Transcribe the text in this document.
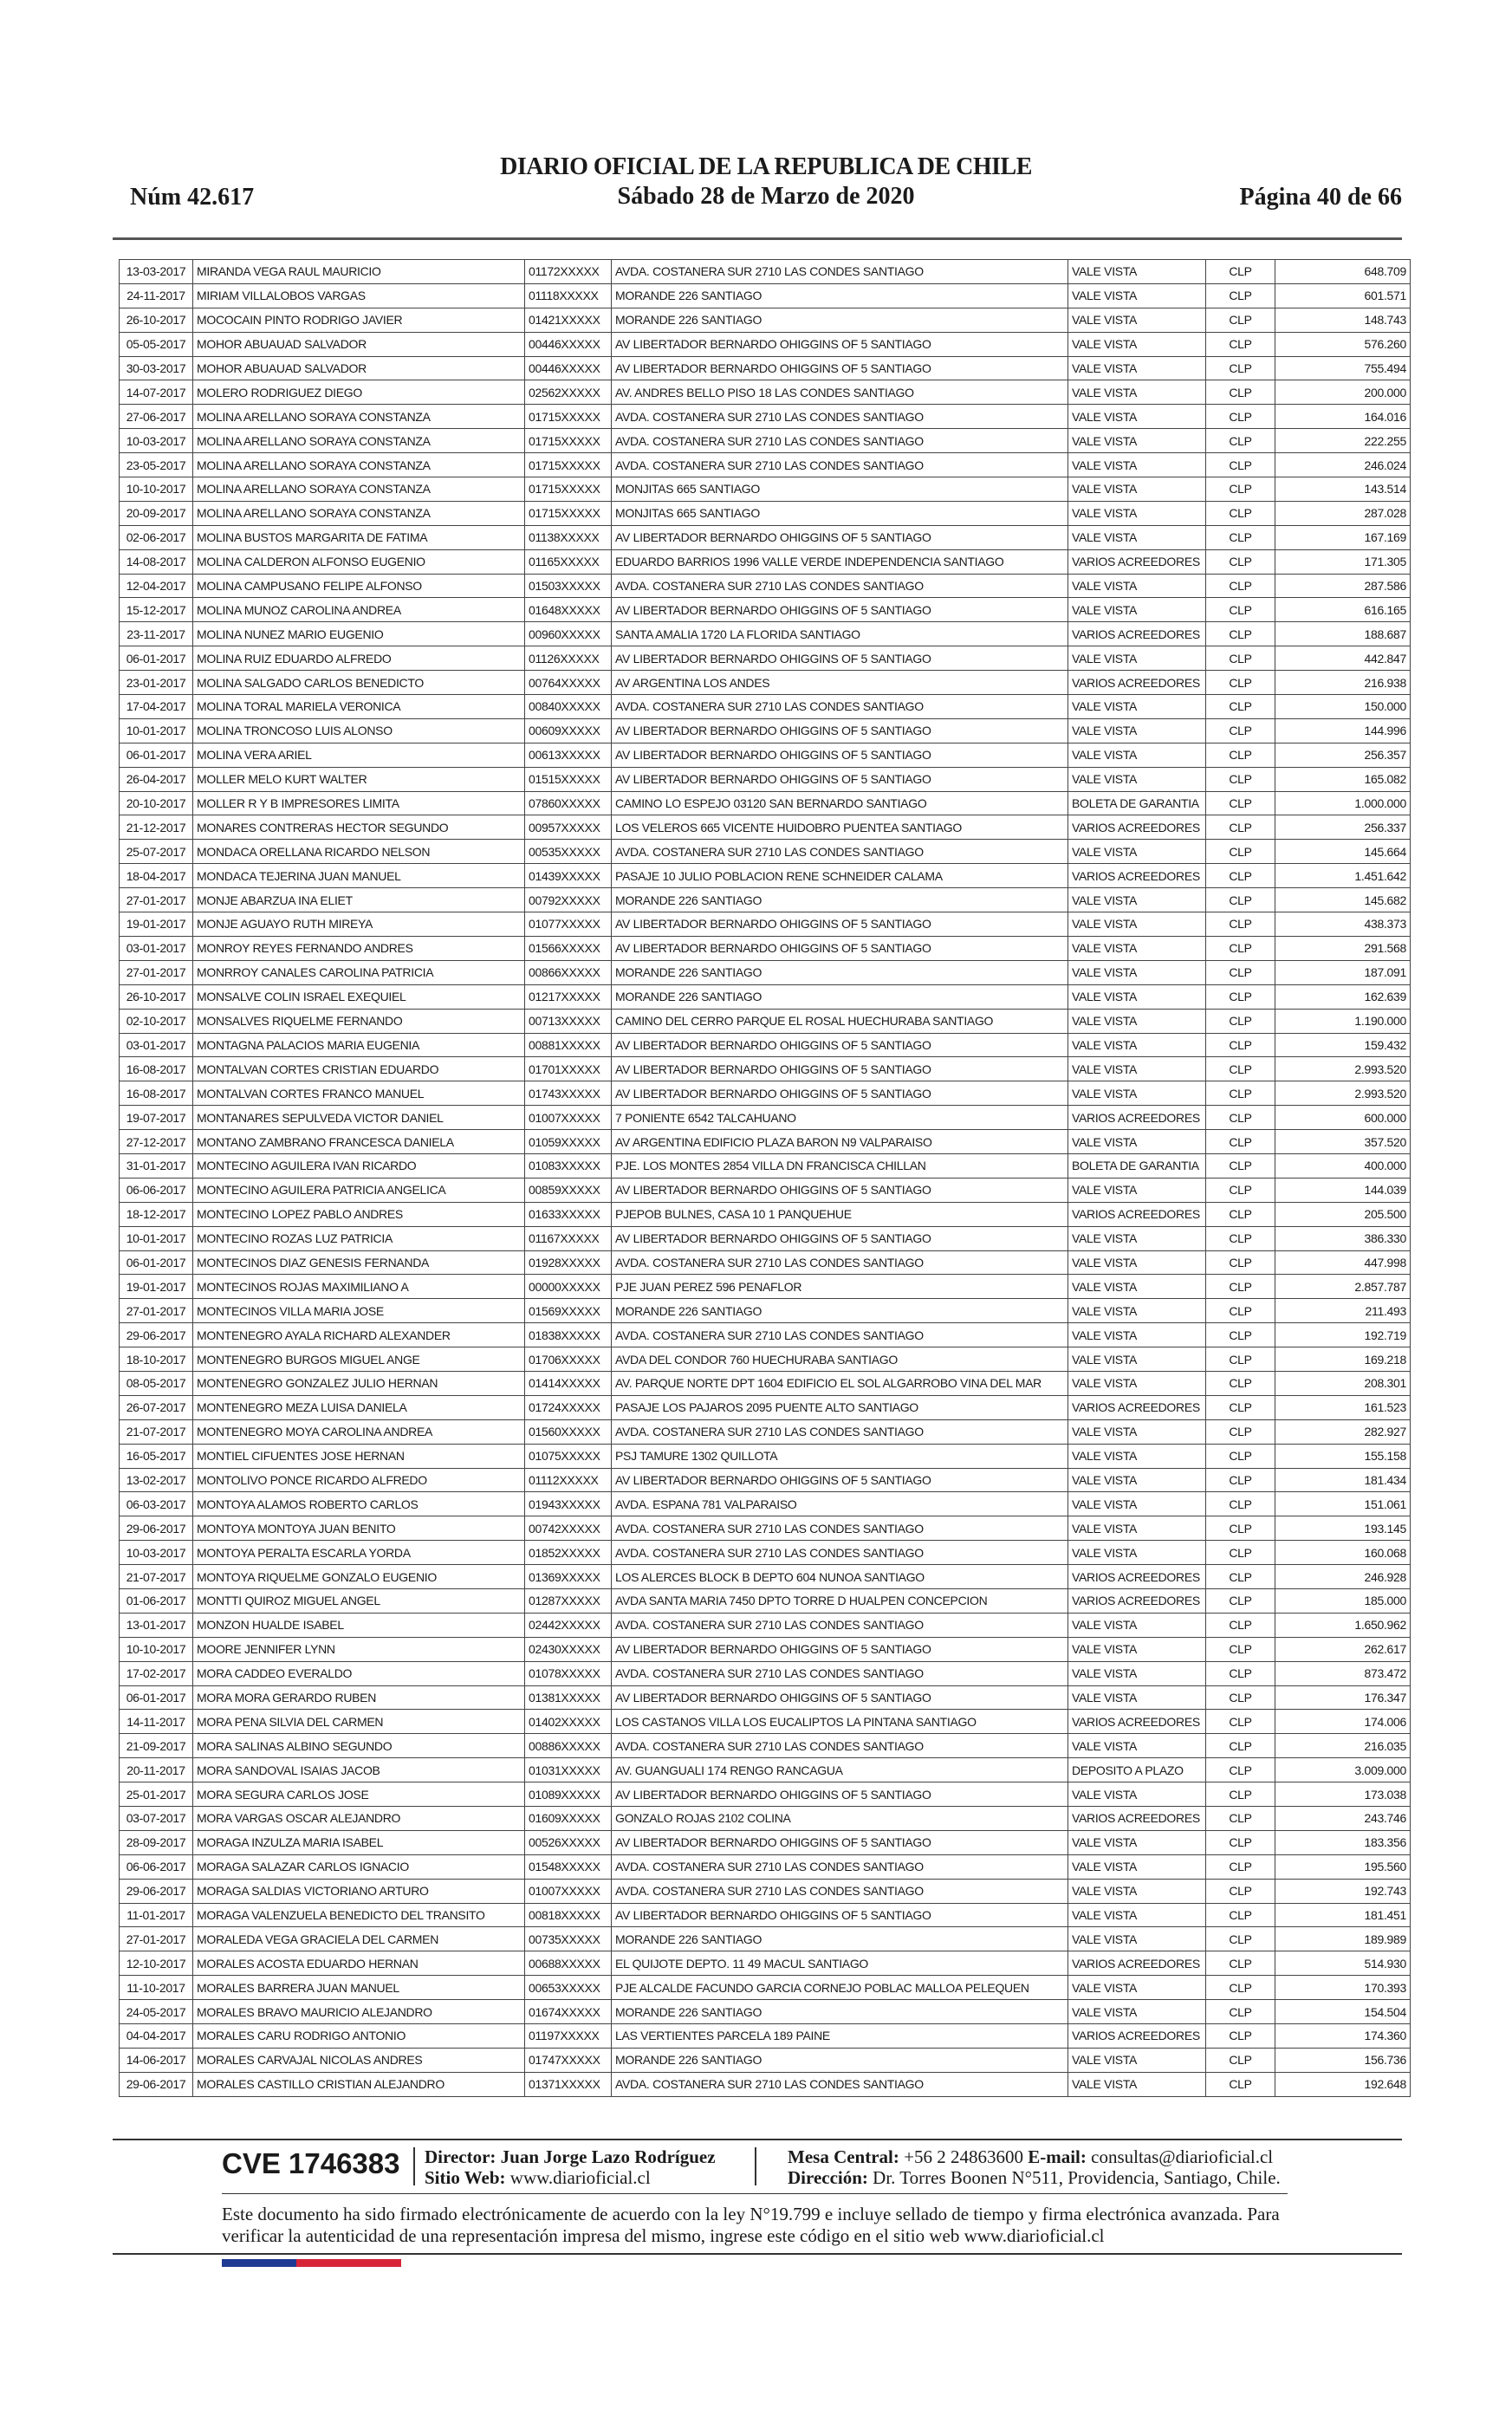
Núm 42.617
DIARIO OFICIAL DE LA REPUBLICA DE CHILE
Sábado 28 de Marzo de 2020	Página 40 de 66
13-03-2017	MIRANDA VEGA RAUL MAURICIO	01172XXXXX	AVDA. COSTANERA SUR 2710 LAS CONDES SANTIAGO	VALE VISTA	CLP	648.709
24-11-2017	MIRIAM VILLALOBOS VARGAS	01118XXXXX	MORANDE 226 SANTIAGO	VALE VISTA	CLP	601.571
26-10-2017	MOCOCAIN PINTO RODRIGO JAVIER	01421XXXXX	MORANDE 226 SANTIAGO	VALE VISTA	CLP	148.743
05-05-2017	MOHOR ABUAUAD SALVADOR	00446XXXXX	AV LIBERTADOR BERNARDO OHIGGINS OF 5 SANTIAGO	VALE VISTA	CLP	576.260
30-03-2017	MOHOR ABUAUAD SALVADOR	00446XXXXX	AV LIBERTADOR BERNARDO OHIGGINS OF 5 SANTIAGO	VALE VISTA	CLP	755.494
14-07-2017	MOLERO RODRIGUEZ DIEGO	02562XXXXX	AV. ANDRES BELLO PISO 18 LAS CONDES SANTIAGO	VALE VISTA	CLP	200.000
27-06-2017	MOLINA ARELLANO SORAYA CONSTANZA	01715XXXXX	AVDA. COSTANERA SUR 2710 LAS CONDES SANTIAGO	VALE VISTA	CLP	164.016
10-03-2017	MOLINA ARELLANO SORAYA CONSTANZA	01715XXXXX	AVDA. COSTANERA SUR 2710 LAS CONDES SANTIAGO	VALE VISTA	CLP	222.255
23-05-2017	MOLINA ARELLANO SORAYA CONSTANZA	01715XXXXX	AVDA. COSTANERA SUR 2710 LAS CONDES SANTIAGO	VALE VISTA	CLP	246.024
10-10-2017	MOLINA ARELLANO SORAYA CONSTANZA	01715XXXXX	MONJITAS 665 SANTIAGO	VALE VISTA	CLP	143.514
20-09-2017	MOLINA ARELLANO SORAYA CONSTANZA	01715XXXXX	MONJITAS 665 SANTIAGO	VALE VISTA	CLP	287.028
02-06-2017	MOLINA BUSTOS MARGARITA DE FATIMA	01138XXXXX	AV LIBERTADOR BERNARDO OHIGGINS OF 5 SANTIAGO	VALE VISTA	CLP	167.169
14-08-2017	MOLINA CALDERON ALFONSO EUGENIO	01165XXXXX	EDUARDO BARRIOS 1996 VALLE VERDE INDEPENDENCIA SANTIAGO	VARIOS ACREEDORES	CLP	171.305
12-04-2017	MOLINA CAMPUSANO FELIPE ALFONSO	01503XXXXX	AVDA. COSTANERA SUR 2710 LAS CONDES SANTIAGO	VALE VISTA	CLP	287.586
15-12-2017	MOLINA MUNOZ CAROLINA ANDREA	01648XXXXX	AV LIBERTADOR BERNARDO OHIGGINS OF 5 SANTIAGO	VALE VISTA	CLP	616.165
23-11-2017	MOLINA NUNEZ MARIO EUGENIO	00960XXXXX	SANTA AMALIA 1720 LA FLORIDA SANTIAGO	VARIOS ACREEDORES	CLP	188.687
06-01-2017	MOLINA RUIZ EDUARDO ALFREDO	01126XXXXX	AV LIBERTADOR BERNARDO OHIGGINS OF 5 SANTIAGO	VALE VISTA	CLP	442.847
23-01-2017	MOLINA SALGADO CARLOS BENEDICTO	00764XXXXX	AV ARGENTINA LOS ANDES	VARIOS ACREEDORES	CLP	216.938
17-04-2017	MOLINA TORAL MARIELA VERONICA	00840XXXXX	AVDA. COSTANERA SUR 2710 LAS CONDES SANTIAGO	VALE VISTA	CLP	150.000
10-01-2017	MOLINA TRONCOSO LUIS ALONSO	00609XXXXX	AV LIBERTADOR BERNARDO OHIGGINS OF 5 SANTIAGO	VALE VISTA	CLP	144.996
06-01-2017	MOLINA VERA ARIEL	00613XXXXX	AV LIBERTADOR BERNARDO OHIGGINS OF 5 SANTIAGO	VALE VISTA	CLP	256.357
26-04-2017	MOLLER MELO KURT WALTER	01515XXXXX	AV LIBERTADOR BERNARDO OHIGGINS OF 5 SANTIAGO	VALE VISTA	CLP	165.082
20-10-2017	MOLLER R Y B IMPRESORES LIMITA	07860XXXXX	CAMINO LO ESPEJO 03120 SAN BERNARDO SANTIAGO	BOLETA DE GARANTIA	CLP	1.000.000
21-12-2017	MONARES CONTRERAS HECTOR SEGUNDO	00957XXXXX	LOS VELEROS 665 VICENTE HUIDOBRO PUENTEA SANTIAGO	VARIOS ACREEDORES	CLP	256.337
25-07-2017	MONDACA ORELLANA RICARDO NELSON	00535XXXXX	AVDA. COSTANERA SUR 2710 LAS CONDES SANTIAGO	VALE VISTA	CLP	145.664
18-04-2017	MONDACA TEJERINA JUAN MANUEL	01439XXXXX	PASAJE 10 JULIO POBLACION RENE SCHNEIDER CALAMA	VARIOS ACREEDORES	CLP	1.451.642
27-01-2017	MONJE ABARZUA INA ELIET	00792XXXXX	MORANDE 226 SANTIAGO	VALE VISTA	CLP	145.682
19-01-2017	MONJE AGUAYO RUTH MIREYA	01077XXXXX	AV LIBERTADOR BERNARDO OHIGGINS OF 5 SANTIAGO	VALE VISTA	CLP	438.373
03-01-2017	MONROY REYES FERNANDO ANDRES	01566XXXXX	AV LIBERTADOR BERNARDO OHIGGINS OF 5 SANTIAGO	VALE VISTA	CLP	291.568
27-01-2017	MONRROY CANALES CAROLINA PATRICIA	00866XXXXX	MORANDE 226 SANTIAGO	VALE VISTA	CLP	187.091
26-10-2017	MONSALVE COLIN ISRAEL EXEQUIEL	01217XXXXX	MORANDE 226 SANTIAGO	VALE VISTA	CLP	162.639
02-10-2017	MONSALVES RIQUELME FERNANDO	00713XXXXX	CAMINO DEL CERRO PARQUE EL ROSAL HUECHURABA SANTIAGO	VALE VISTA	CLP	1.190.000
03-01-2017	MONTAGNA PALACIOS MARIA EUGENIA	00881XXXXX	AV LIBERTADOR BERNARDO OHIGGINS OF 5 SANTIAGO	VALE VISTA	CLP	159.432
16-08-2017	MONTALVAN CORTES CRISTIAN EDUARDO	01701XXXXX	AV LIBERTADOR BERNARDO OHIGGINS OF 5 SANTIAGO	VALE VISTA	CLP	2.993.520
16-08-2017	MONTALVAN CORTES FRANCO MANUEL	01743XXXXX	AV LIBERTADOR BERNARDO OHIGGINS OF 5 SANTIAGO	VALE VISTA	CLP	2.993.520
19-07-2017	MONTANARES SEPULVEDA VICTOR DANIEL	01007XXXXX	7 PONIENTE 6542 TALCAHUANO	VARIOS ACREEDORES	CLP	600.000
27-12-2017	MONTANO ZAMBRANO FRANCESCA DANIELA	01059XXXXX	AV ARGENTINA EDIFICIO PLAZA BARON N9 VALPARAISO	VALE VISTA	CLP	357.520
31-01-2017	MONTECINO AGUILERA IVAN RICARDO	01083XXXXX	PJE. LOS MONTES 2854 VILLA DN FRANCISCA CHILLAN	BOLETA DE GARANTIA	CLP	400.000
06-06-2017	MONTECINO AGUILERA PATRICIA ANGELICA	00859XXXXX	AV LIBERTADOR BERNARDO OHIGGINS OF 5 SANTIAGO	VALE VISTA	CLP	144.039
18-12-2017	MONTECINO LOPEZ PABLO ANDRES	01633XXXXX	PJEPOB BULNES, CASA 10 1 PANQUEHUE	VARIOS ACREEDORES	CLP	205.500
10-01-2017	MONTECINO ROZAS LUZ PATRICIA	01167XXXXX	AV LIBERTADOR BERNARDO OHIGGINS OF 5 SANTIAGO	VALE VISTA	CLP	386.330
06-01-2017	MONTECINOS DIAZ GENESIS FERNANDA	01928XXXXX	AVDA. COSTANERA SUR 2710 LAS CONDES SANTIAGO	VALE VISTA	CLP	447.998
19-01-2017	MONTECINOS ROJAS MAXIMILIANO A	00000XXXXX	PJE JUAN PEREZ 596 PENAFLOR	VALE VISTA	CLP	2.857.787
27-01-2017	MONTECINOS VILLA MARIA JOSE	01569XXXXX	MORANDE 226 SANTIAGO	VALE VISTA	CLP	211.493
29-06-2017	MONTENEGRO AYALA RICHARD ALEXANDER	01838XXXXX	AVDA. COSTANERA SUR 2710 LAS CONDES SANTIAGO	VALE VISTA	CLP	192.719
18-10-2017	MONTENEGRO BURGOS MIGUEL ANGE	01706XXXXX	AVDA DEL CONDOR 760 HUECHURABA SANTIAGO	VALE VISTA	CLP	169.218
08-05-2017	MONTENEGRO GONZALEZ JULIO HERNAN	01414XXXXX	AV. PARQUE NORTE DPT 1604 EDIFICIO EL SOL ALGARROBO VINA DEL MAR	VALE VISTA	CLP	208.301
26-07-2017	MONTENEGRO MEZA LUISA DANIELA	01724XXXXX	PASAJE LOS PAJAROS 2095 PUENTE ALTO SANTIAGO	VARIOS ACREEDORES	CLP	161.523
21-07-2017	MONTENEGRO MOYA CAROLINA ANDREA	01560XXXXX	AVDA. COSTANERA SUR 2710 LAS CONDES SANTIAGO	VALE VISTA	CLP	282.927
16-05-2017	MONTIEL CIFUENTES JOSE HERNAN	01075XXXXX	PSJ TAMURE 1302 QUILLOTA	VALE VISTA	CLP	155.158
13-02-2017	MONTOLIVO PONCE RICARDO ALFREDO	01112XXXXX	AV LIBERTADOR BERNARDO OHIGGINS OF 5 SANTIAGO	VALE VISTA	CLP	181.434
06-03-2017	MONTOYA ALAMOS ROBERTO CARLOS	01943XXXXX	AVDA. ESPANA 781 VALPARAISO	VALE VISTA	CLP	151.061
29-06-2017	MONTOYA MONTOYA JUAN BENITO	00742XXXXX	AVDA. COSTANERA SUR 2710 LAS CONDES SANTIAGO	VALE VISTA	CLP	193.145
10-03-2017	MONTOYA PERALTA ESCARLA YORDA	01852XXXXX	AVDA. COSTANERA SUR 2710 LAS CONDES SANTIAGO	VALE VISTA	CLP	160.068
21-07-2017	MONTOYA RIQUELME GONZALO EUGENIO	01369XXXXX	LOS ALERCES BLOCK B DEPTO 604 NUNOA SANTIAGO	VARIOS ACREEDORES	CLP	246.928
01-06-2017	MONTTI QUIROZ MIGUEL ANGEL	01287XXXXX	AVDA SANTA MARIA 7450 DPTO TORRE D HUALPEN CONCEPCION	VARIOS ACREEDORES	CLP	185.000
13-01-2017	MONZON HUALDE ISABEL	02442XXXXX	AVDA. COSTANERA SUR 2710 LAS CONDES SANTIAGO	VALE VISTA	CLP	1.650.962
10-10-2017	MOORE JENNIFER LYNN	02430XXXXX	AV LIBERTADOR BERNARDO OHIGGINS OF 5 SANTIAGO	VALE VISTA	CLP	262.617
17-02-2017	MORA CADDEO EVERALDO	01078XXXXX	AVDA. COSTANERA SUR 2710 LAS CONDES SANTIAGO	VALE VISTA	CLP	873.472
06-01-2017	MORA MORA GERARDO RUBEN	01381XXXXX	AV LIBERTADOR BERNARDO OHIGGINS OF 5 SANTIAGO	VALE VISTA	CLP	176.347
14-11-2017	MORA PENA SILVIA DEL CARMEN	01402XXXXX	LOS CASTANOS VILLA LOS EUCALIPTOS LA PINTANA SANTIAGO	VARIOS ACREEDORES	CLP	174.006
21-09-2017	MORA SALINAS ALBINO SEGUNDO	00886XXXXX	AVDA. COSTANERA SUR 2710 LAS CONDES SANTIAGO	VALE VISTA	CLP	216.035
20-11-2017	MORA SANDOVAL ISAIAS JACOB	01031XXXXX	AV. GUANGUALI 174 RENGO RANCAGUA	DEPOSITO A PLAZO	CLP	3.009.000
25-01-2017	MORA SEGURA CARLOS JOSE	01089XXXXX	AV LIBERTADOR BERNARDO OHIGGINS OF 5 SANTIAGO	VALE VISTA	CLP	173.038
03-07-2017	MORA VARGAS OSCAR ALEJANDRO	01609XXXXX	GONZALO ROJAS 2102 COLINA	VARIOS ACREEDORES	CLP	243.746
28-09-2017	MORAGA INZULZA MARIA ISABEL	00526XXXXX	AV LIBERTADOR BERNARDO OHIGGINS OF 5 SANTIAGO	VALE VISTA	CLP	183.356
06-06-2017	MORAGA SALAZAR CARLOS IGNACIO	01548XXXXX	AVDA. COSTANERA SUR 2710 LAS CONDES SANTIAGO	VALE VISTA	CLP	195.560
29-06-2017	MORAGA SALDIAS VICTORIANO ARTURO	01007XXXXX	AVDA. COSTANERA SUR 2710 LAS CONDES SANTIAGO	VALE VISTA	CLP	192.743
11-01-2017	MORAGA VALENZUELA BENEDICTO DEL TRANSITO	00818XXXXX	AV LIBERTADOR BERNARDO OHIGGINS OF 5 SANTIAGO	VALE VISTA	CLP	181.451
27-01-2017	MORALEDA VEGA GRACIELA DEL CARMEN	00735XXXXX	MORANDE 226 SANTIAGO	VALE VISTA	CLP	189.989
12-10-2017	MORALES ACOSTA EDUARDO HERNAN	00688XXXXX	EL QUIJOTE DEPTO. 11 49 MACUL SANTIAGO	VARIOS ACREEDORES	CLP	514.930
11-10-2017	MORALES BARRERA JUAN MANUEL	00653XXXXX	PJE ALCALDE FACUNDO GARCIA CORNEJO POBLAC MALLOA PELEQUEN	VALE VISTA	CLP	170.393
24-05-2017	MORALES BRAVO MAURICIO ALEJANDRO	01674XXXXX	MORANDE 226 SANTIAGO	VALE VISTA	CLP	154.504
04-04-2017	MORALES CARU RODRIGO ANTONIO	01197XXXXX	LAS VERTIENTES PARCELA 189 PAINE	VARIOS ACREEDORES	CLP	174.360
14-06-2017	MORALES CARVAJAL NICOLAS ANDRES	01747XXXXX	MORANDE 226 SANTIAGO	VALE VISTA	CLP	156.736
29-06-2017	MORALES CASTILLO CRISTIAN ALEJANDRO	01371XXXXX	AVDA. COSTANERA SUR 2710 LAS CONDES SANTIAGO	VALE VISTA	CLP	192.648
CVE 1746383 Director: Juan Jorge Lazo Rodríguez
Sitio Web: www.diarioficial.cl
Mesa Central: +56 2 24863600 E-mail: consultas@diarioficial.cl
Dirección: Dr. Torres Boonen N°511, Providencia, Santiago, Chile.
Este documento ha sido firmado electrónicamente de acuerdo con la ley N°19.799 e incluye sellado de tiempo y firma electrónica avanzada. Para verificar la autenticidad de una representación impresa del mismo, ingrese este código en el sitio web www.diarioficial.cl
